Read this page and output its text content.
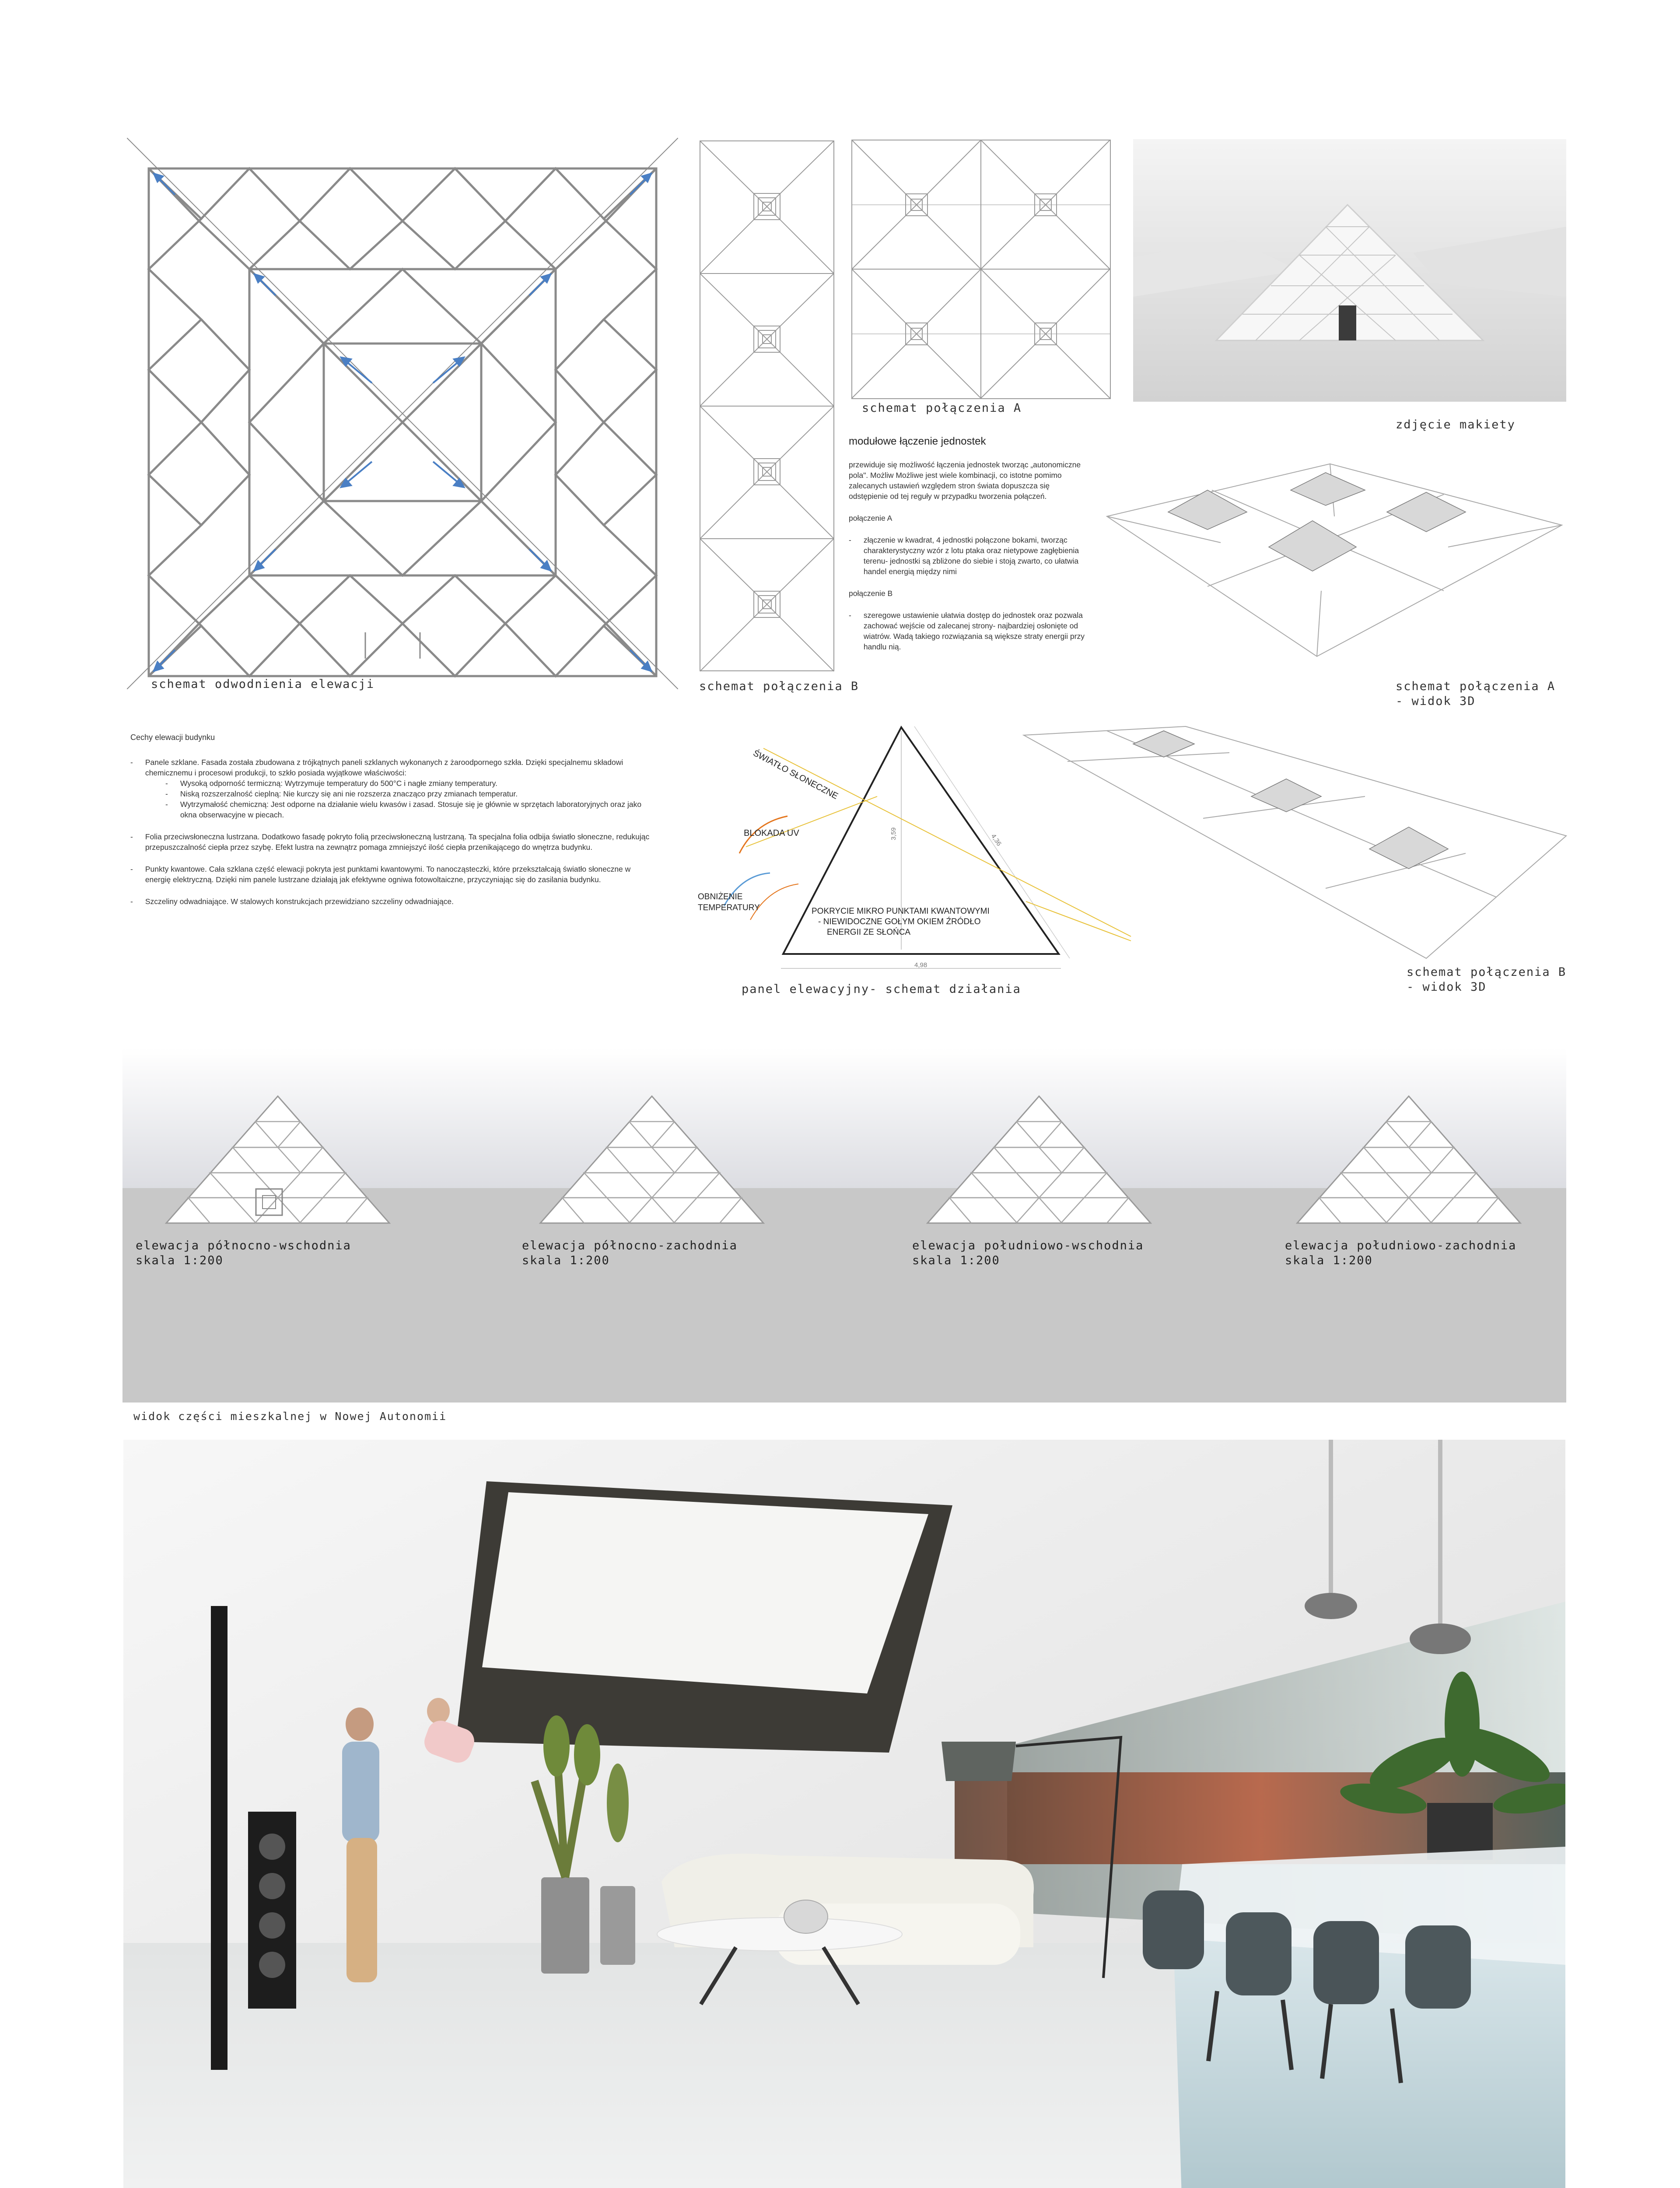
schemat odwodnienia elewacji	schemat połączenia B
schemat połączenia A
zdjęcie makiety
modułowe łączenie jednostek

przewiduje się możliwość łączenia jednostek tworząc „autonomiczne pola". Możliw Możliwe jest wiele kombinacji, co istotne pomimo zalecanych ustawień względem stron świata dopuszcza się odstępienie od tej reguły w przypadku tworzenia połączeń.

połączenie A

- złączenie w kwadrat, 4 jednostki połączone bokami, tworząc charakterystyczny wzór z lotu ptaka oraz nietypowe zagłębienia terenu- jednostki są zbliżone do siebie i stoją zwarto, co ułatwia handel energią między nimi

połączenie B

- szeregowe ustawienie ułatwia dostęp do jednostek oraz pozwala zachować wejście od zalecanej strony- najbardziej osłonięte od wiatrów. Wadą takiego rozwiązania są większe straty energii przy handlu nią.
schemat połączenia A
- widok 3D
Cechy elewacji budynku
- Panele szklane. Fasada została zbudowana z trójkątnych paneli szklanych wykonanych z żaroodpornego szkła. Dzięki specjalnemu składowi chemicznemu i procesowi produkcji, to szkło posiada wyjątkowe właściwości:
- Wysoką odporność termiczną: Wytrzymuje temperatury do 500°C i nagłe zmiany temperatury.
- Niską rozszerzalność cieplną: Nie kurczy się ani nie rozszerza znacząco przy zmianach temperatur.
- Wytrzymałość chemiczną: Jest odporne na działanie wielu kwasów i zasad. Stosuje się je głównie w sprzętach laboratoryjnych oraz jako okna obserwacyjne w piecach.
- Folia przeciwsłoneczna lustrzana. Dodatkowo fasadę pokryto folią przeciwsłoneczną lustrzaną. Ta specjalna folia odbija światło słoneczne, redukując przepuszczalność ciepła przez szybę. Efekt lustra na zewnątrz pomaga zmniejszyć ilość ciepła przenikającego do wnętrza budynku.
- Punkty kwantowe. Cała szklana część elewacji pokryta jest punktami kwantowymi. To nanocząsteczki, które przekształcają światło słoneczne w energię elektryczną. Dzięki nim panele lustrzane działają jak efektywne ogniwa fotowoltaiczne, przyczyniając się do zasilania budynku.
- Szczeliny odwadniające. W stalowych konstrukcjach przewidziano szczeliny odwadniające.
ŚWIATŁO SŁONECZNE
BLOKADA UV
OBNIŻENIE
TEMPERATURY	POKRYCIE MIKRO PUNKTAMI KWANTOWYMI
- NIEWIDOCZNE GOŁYM OKIEM ŹRÓDŁO
ENERGII ZE SŁOŃCA
3,59	4,36
4,98
panel elewacyjny- schemat działania
schemat połączenia B
- widok 3D
elewacja północno-wschodnia
skala 1:200
elewacja północno-zachodnia
skala 1:200
elewacja południowo-wschodnia
skala 1:200
elewacja południowo-zachodnia
skala 1:200
widok części mieszkalnej w Nowej Autonomii
